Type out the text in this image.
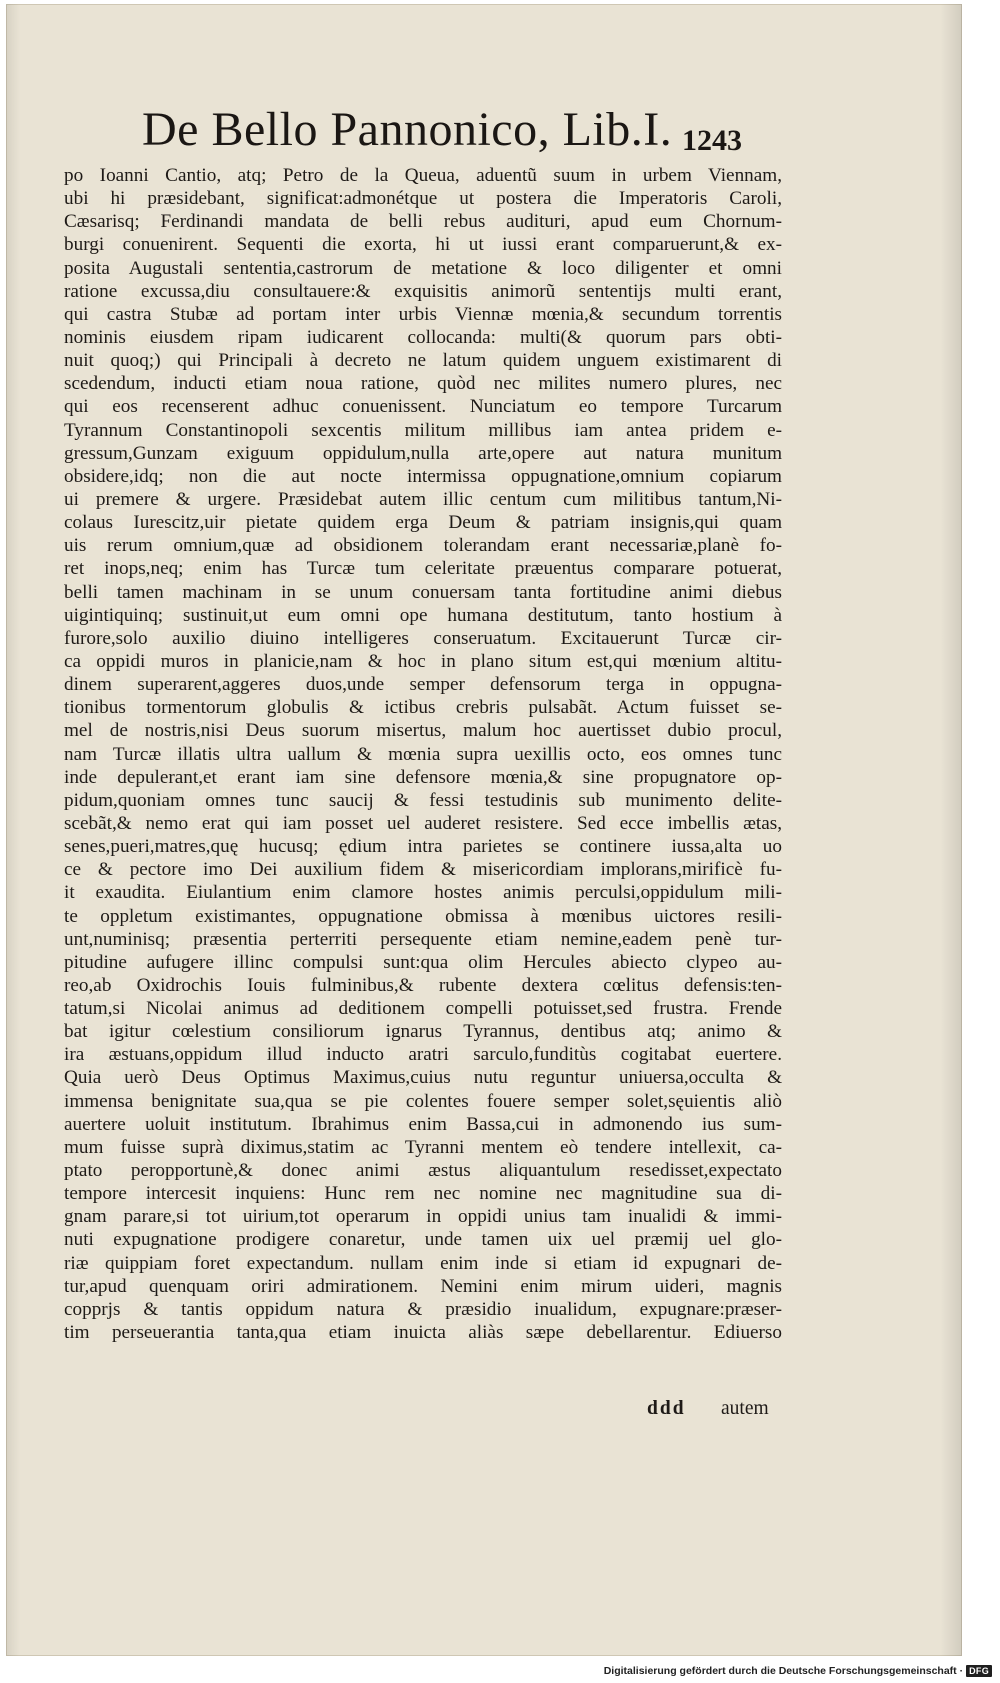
De Bello Pannonico, Lib.I. 1243
po Ioanni Cantio, atq; Petro de la Queua, aduentũ suum in urbem Viennam,
ubi hi præsidebant, significat:admonétque ut postera die Imperatoris Caroli,
Cæsarisq; Ferdinandi mandata de belli rebus audituri, apud eum Chornum-
burgi conuenirent. Sequenti die exorta, hi ut iussi erant comparuerunt,& ex-
posita Augustali sententia,castrorum de metatione & loco diligenter et omni
ratione excussa,diu consultauere:& exquisitis animorũ sententijs multi erant,
qui castra Stubæ ad portam inter urbis Viennæ mœnia,& secundum torrentis
nominis eiusdem ripam iudicarent collocanda: multi(& quorum pars obti-
nuit quoq;) qui Principali à decreto ne latum quidem unguem existimarent di
scedendum, inducti etiam noua ratione, quòd nec milites numero plures, nec
qui eos recenserent adhuc conuenissent. Nunciatum eo tempore Turcarum
Tyrannum Constantinopoli sexcentis militum millibus iam antea pridem e-
gressum,Gunzam exiguum oppidulum,nulla arte,opere aut natura munitum
obsidere,idq; non die aut nocte intermissa oppugnatione,omnium copiarum
ui premere & urgere. Præsidebat autem illic centum cum militibus tantum,Ni-
colaus Iurescitz,uir pietate quidem erga Deum & patriam insignis,qui quam
uis rerum omnium,quæ ad obsidionem tolerandam erant necessariæ,planè fo-
ret inops,neq; enim has Turcæ tum celeritate præuentus comparare potuerat,
belli tamen machinam in se unum conuersam tanta fortitudine animi diebus
uigintiquinq; sustinuit,ut eum omni ope humana destitutum, tanto hostium à
furore,solo auxilio diuino intelligeres conseruatum. Excitauerunt Turcæ cir-
ca oppidi muros in planicie,nam & hoc in plano situm est,qui mœnium altitu-
dinem superarent,aggeres duos,unde semper defensorum terga in oppugna-
tionibus tormentorum globulis & ictibus crebris pulsabãt. Actum fuisset se-
mel de nostris,nisi Deus suorum misertus, malum hoc auertisset dubio procul,
nam Turcæ illatis ultra uallum & mœnia supra uexillis octo, eos omnes tunc
inde depulerant,et erant iam sine defensore mœnia,& sine propugnatore op-
pidum,quoniam omnes tunc saucij & fessi testudinis sub munimento delite-
scebãt,& nemo erat qui iam posset uel auderet resistere. Sed ecce imbellis ætas,
senes,pueri,matres,quę hucusq; ędium intra parietes se continere iussa,alta uo
ce & pectore imo Dei auxilium fidem & misericordiam implorans,mirificè fu-
it exaudita. Eiulantium enim clamore hostes animis perculsi,oppidulum mili-
te oppletum existimantes, oppugnatione obmissa à mœnibus uictores resili-
unt,numinisq; præsentia perterriti persequente etiam nemine,eadem penè tur-
pitudine aufugere illinc compulsi sunt:qua olim Hercules abiecto clypeo au-
reo,ab Oxidrochis Iouis fulminibus,& rubente dextera cœlitus defensis:ten-
tatum,si Nicolai animus ad deditionem compelli potuisset,sed frustra. Frende
bat igitur cœlestium consiliorum ignarus Tyrannus, dentibus atq; animo &
ira æstuans,oppidum illud inducto aratri sarculo,funditùs cogitabat euertere.
Quia uerò Deus Optimus Maximus,cuius nutu reguntur uniuersa,occulta &
immensa benignitate sua,qua se pie colentes fouere semper solet,sęuientis aliò
auertere uoluit institutum. Ibrahimus enim Bassa,cui in admonendo ius sum-
mum fuisse suprà diximus,statim ac Tyranni mentem eò tendere intellexit, ca-
ptato peropportunè,& donec animi æstus aliquantulum resedisset,expectato
tempore intercesit inquiens: Hunc rem nec nomine nec magnitudine sua di-
gnam parare,si tot uirium,tot operarum in oppidi unius tam inualidi & immi-
nuti expugnatione prodigere conaretur, unde tamen uix uel præmij uel glo-
riæ quippiam foret expectandum. nullam enim inde si etiam id expugnari de-
tur,apud quenquam oriri admirationem. Nemini enim mirum uideri, magnis
copprjs & tantis oppidum natura & præsidio inualidum, expugnare:præser-
tim perseuerantia tanta,qua etiam inuicta aliàs sæpe debellarentur. Ediuerso
ddd autem
Digitalisierung gefördert durch die Deutsche Forschungsgemeinschaft · DFG
